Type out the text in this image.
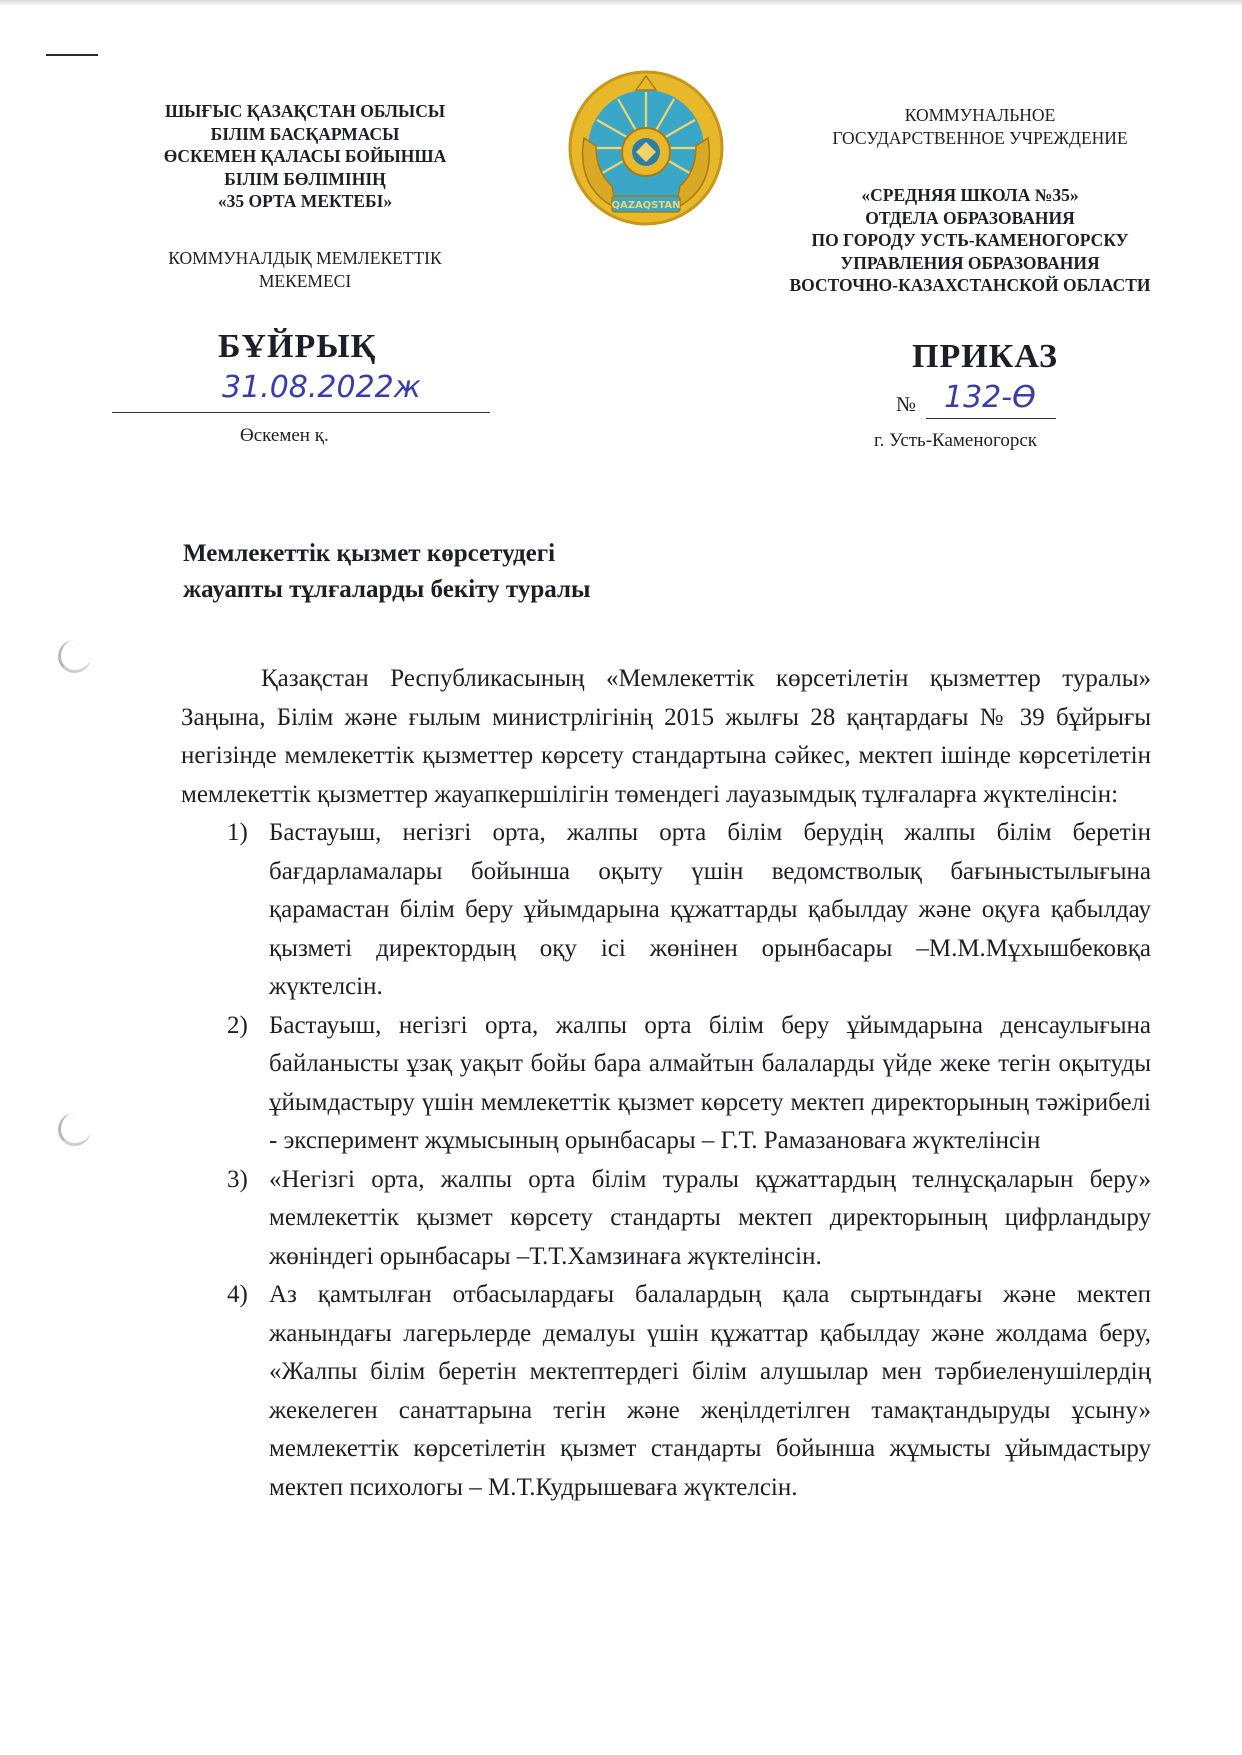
ШЫҒЫС ҚАЗАҚСТАН ОБЛЫСЫ
БІЛІМ БАСҚАРМАСЫ
ӨСКЕМЕН ҚАЛАСЫ БОЙЫНША
БІЛІМ БӨЛІМІНІҢ
«35 ОРТА МЕКТЕБІ»
КОММУНАЛДЫҚ МЕМЛЕКЕТТІК
МЕКЕМЕСІ
QAZAQSTAN
КОММУНАЛЬНОЕ
ГОСУДАРСТВЕННОЕ УЧРЕЖДЕНИЕ
«СРЕДНЯЯ ШКОЛА №35»
ОТДЕЛА ОБРАЗОВАНИЯ
ПО ГОРОДУ УСТЬ-КАМЕНОГОРСКУ
УПРАВЛЕНИЯ ОБРАЗОВАНИЯ
ВОСТОЧНО-КАЗАХСТАНСКОЙ ОБЛАСТИ
БҰЙРЫҚ
31.08.2022ж
Өскемен қ.
ПРИКАЗ
№ 132-Ө
г. Усть-Каменогорск
Мемлекеттік қызмет көрсетудегі
жауапты тұлғаларды бекіту туралы

Қазақстан Республикасының «Мемлекеттік көрсетілетін қызметтер туралы» Заңына, Білім және ғылым министрлігінің 2015 жылғы 28 қаңтардағы № 39 бұйрығы негізінде мемлекеттік қызметтер көрсету стандартына сәйкес, мектеп ішінде көрсетілетін мемлекеттік қызметтер жауапкершілігін төмендегі лауазымдық тұлғаларға жүктелінсін:

1) Бастауыш, негізгі орта, жалпы орта білім берудің жалпы білім беретін бағдарламалары бойынша оқыту үшін ведомстволық бағыныстылығына қарамастан білім беру ұйымдарына құжаттарды қабылдау және оқуға қабылдау қызметі директордың оқу ісі жөнінен орынбасары –М.М.Мұхышбековқа жүктелсін.
2) Бастауыш, негізгі орта, жалпы орта білім беру ұйымдарына денсаулығына байланысты ұзақ уақыт бойы бара алмайтын балаларды үйде жеке тегін оқытуды ұйымдастыру үшін мемлекеттік қызмет көрсету мектеп директорының тәжірибелі - эксперимент жұмысының орынбасары – Г.Т. Рамазановаға жүктелінсін
3) «Негізгі орта, жалпы орта білім туралы құжаттардың телнұсқаларын беру» мемлекеттік қызмет көрсету стандарты мектеп директорының цифрландыру жөніндегі орынбасары –Т.Т.Хамзинаға жүктелінсін.
4) Аз қамтылған отбасылардағы балалардың қала сыртындағы және мектеп жанындағы лагерьлерде демалуы үшін құжаттар қабылдау және жолдама беру, «Жалпы білім беретін мектептердегі білім алушылар мен тәрбиеленушілердің жекелеген санаттарына тегін және жеңілдетілген тамақтандыруды ұсыну» мемлекеттік көрсетілетін қызмет стандарты бойынша жұмысты ұйымдастыру мектеп психологы – М.Т.Кудрышеваға жүктелсін.
